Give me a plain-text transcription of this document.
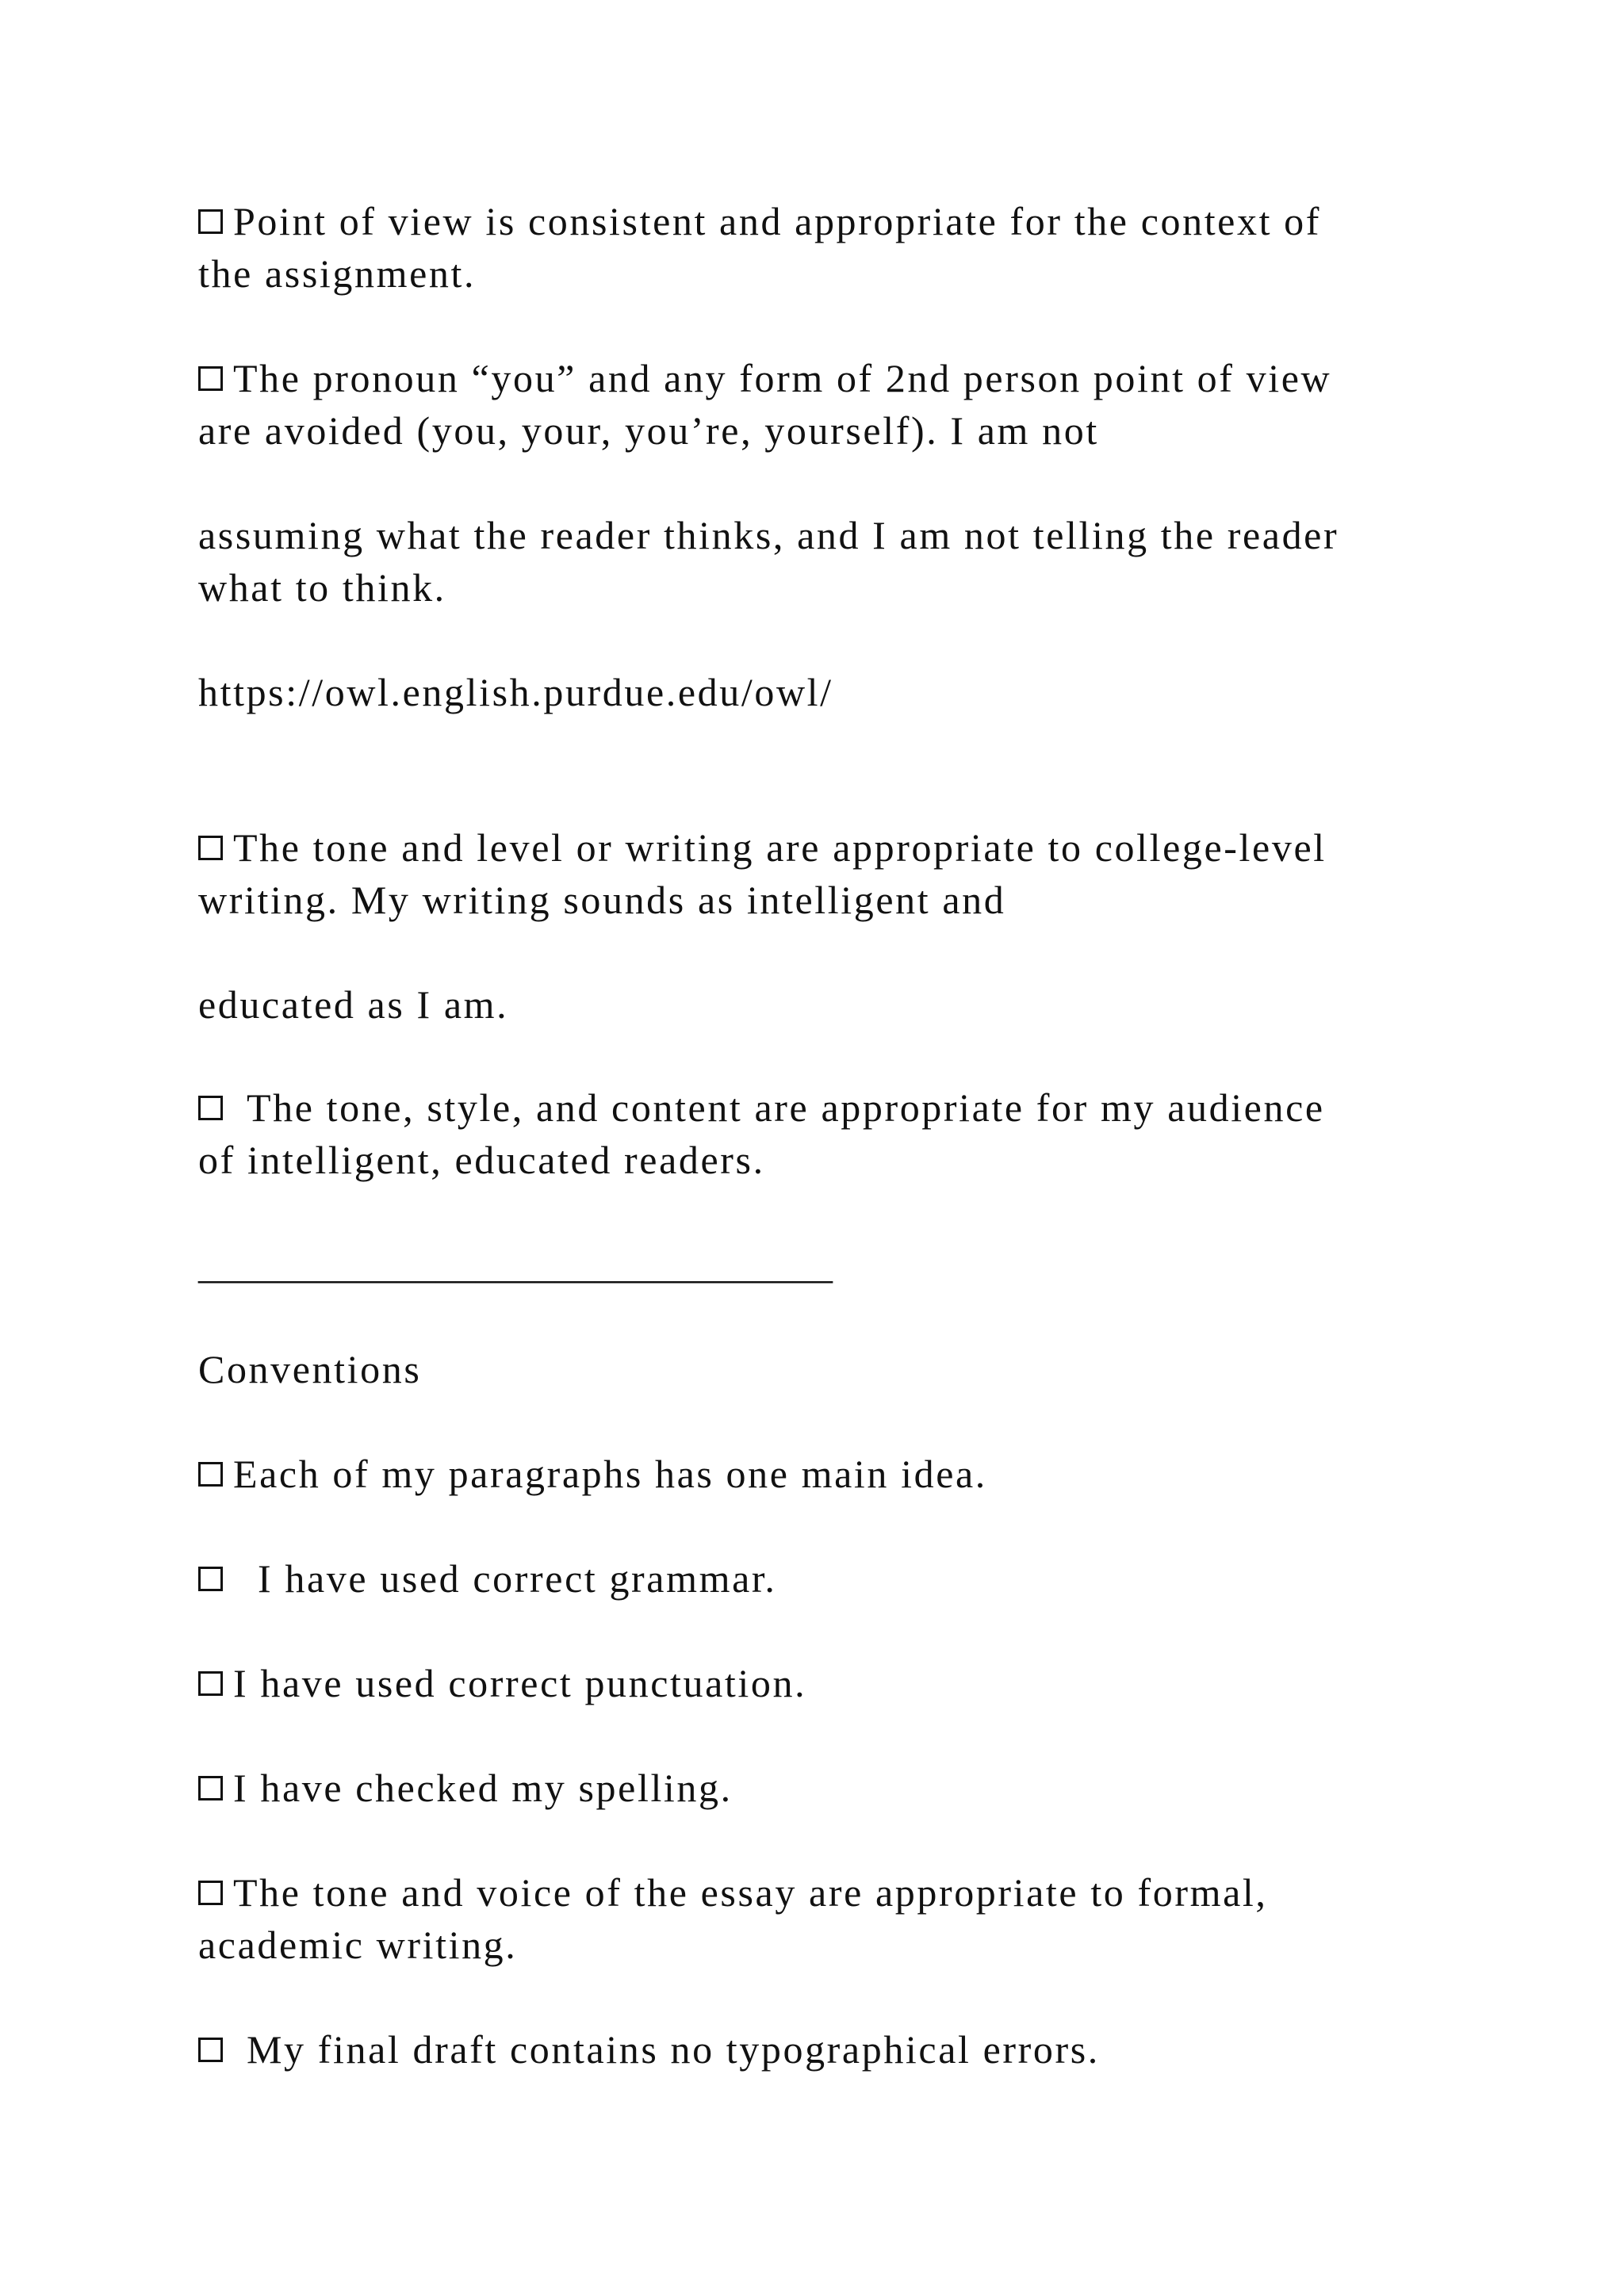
Point of view is consistent and appropriate for the context of
the assignment.
The pronoun “you” and any form of 2nd person point of view
are avoided (you, your, you’re, yourself). I am not
assuming what the reader thinks, and I am not telling the reader
what to think.
https://owl.english.purdue.edu/owl/
The tone and level or writing are appropriate to college-level
writing. My writing sounds as intelligent and
educated as I am.
The tone, style, and content are appropriate for my audience
of intelligent, educated readers.
________________________________
Conventions
Each of my paragraphs has one main idea.
I have used correct grammar.
I have used correct punctuation.
I have checked my spelling.
The tone and voice of the essay are appropriate to formal,
academic writing.
My final draft contains no typographical errors.
